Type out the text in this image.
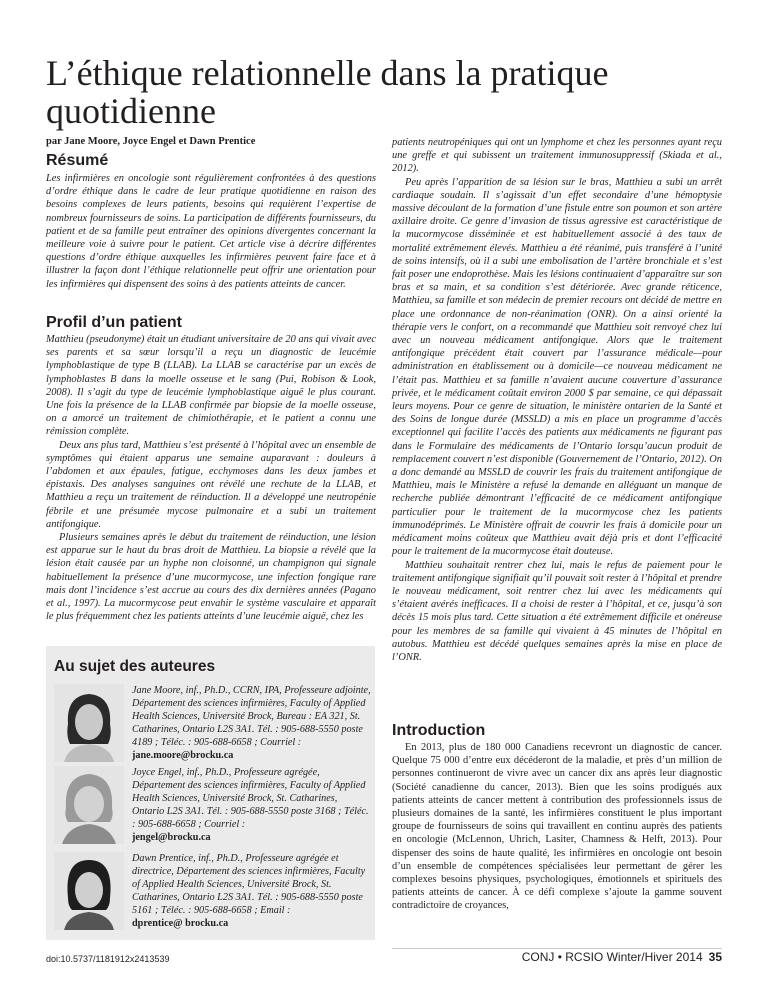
L’éthique relationnelle dans la pratique quotidienne
par Jane Moore, Joyce Engel et Dawn Prentice
Résumé

Les infirmières en oncologie sont régulièrement confrontées à des questions d’ordre éthique dans le cadre de leur pratique quotidienne en raison des besoins complexes de leurs patients, besoins qui requièrent l’expertise de nombreux fournisseurs de soins. La participation de différents fournisseurs, du patient et de sa famille peut entraîner des opinions divergentes concernant la meilleure voie à suivre pour le patient. Cet article vise à décrire différentes questions d’ordre éthique auxquelles les infirmières peuvent faire face et à illustrer la façon dont l’éthique relationnelle peut offrir une orientation pour les infirmières qui dispensent des soins à des patients atteints de cancer.

Profil d’un patient

Matthieu (pseudonyme) était un étudiant universitaire de 20 ans qui vivait avec ses parents et sa sœur lorsqu’il a reçu un diagnostic de leucémie lymphoblastique de type B (LLAB). La LLAB se caractérise par un excès de lymphoblastes B dans la moelle osseuse et le sang (Pui, Robison & Look, 2008). Il s’agit du type de leucémie lymphoblastique aiguë le plus courant. Une fois la présence de la LLAB confirmée par biopsie de la moelle osseuse, on a amorcé un traitement de chimiothérapie, et le patient a connu une rémission complète.

Deux ans plus tard, Matthieu s’est présenté à l’hôpital avec un ensemble de symptômes qui étaient apparus une semaine auparavant : douleurs à l’abdomen et aux épaules, fatigue, ecchymoses dans les deux jambes et épistaxis. Des analyses sanguines ont révélé une rechute de la LLAB, et Matthieu a reçu un traitement de réinduction. Il a développé une neutropénie fébrile et une présumée mycose pulmonaire et a subi un traitement antifongique.

Plusieurs semaines après le début du traitement de réinduction, une lésion est apparue sur le haut du bras droit de Matthieu. La biopsie a révélé que la lésion était causée par un hyphe non cloisonné, un champignon qui signale habituellement la présence d’une mucormycose, une infection fongique rare mais dont l’incidence s’est accrue au cours des dix dernières années (Pagano et al., 1997). La mucormycose peut envahir le système vasculaire et apparaît le plus fréquemment chez les patients atteints d’une leucémie aiguë, chez les

Au sujet des auteures
Jane Moore, inf., Ph.D., CCRN, IPA, Professeure adjointe, Département des sciences infirmières, Faculty of Applied Health Sciences, Université Brock, Bureau : EA 321, St. Catharines, Ontario L2S 3A1. Tél. : 905-688-5550 poste 4189 ; Téléc. : 905-688-6658 ; Courriel :
jane.moore@brocku.ca
Joyce Engel, inf., Ph.D., Professeure agrégée, Département des sciences infirmières, Faculty of Applied Health Sciences, Université Brock, St. Catharines, Ontario L2S 3A1. Tél. : 905-688-5550 poste 3168 ; Téléc. : 905-688-6658 ; Courriel :
jengel@brocku.ca
Dawn Prentice, inf., Ph.D., Professeure agrégée et directrice, Département des sciences infirmières, Faculty of Applied Health Sciences, Université Brock, St. Catharines, Ontario L2S 3A1. Tél. : 905-688-5550 poste 5161 ; Téléc. : 905-688-6658 ; Email :
dprentice@ brocku.ca

patients neutropéniques qui ont un lymphome et chez les personnes ayant reçu une greffe et qui subissent un traitement immunosuppressif (Skiada et al., 2012).

Peu après l’apparition de sa lésion sur le bras, Matthieu a subi un arrêt cardiaque soudain. Il s’agissait d’un effet secondaire d’une hémoptysie massive découlant de la formation d’une fistule entre son poumon et son artère axillaire droite. Ce genre d’invasion de tissus agressive est caractéristique de la mucormycose disséminée et est habituellement associé à des taux de mortalité extrêmement élevés. Matthieu a été réanimé, puis transféré à l’unité de soins intensifs, où il a subi une embolisation de l’artère bronchiale et s’est fait poser une endoprothèse. Mais les lésions continuaient d’apparaître sur son bras et sa main, et sa condition s’est détériorée. Avec grande réticence, Matthieu, sa famille et son médecin de premier recours ont décidé de mettre en place une ordonnance de non-réanimation (ONR). On a ainsi orienté la thérapie vers le confort, on a recommandé que Matthieu soit renvoyé chez lui avec un nouveau médicament antifongique. Alors que le traitement antifongique précédent était couvert par l’assurance médicale—pour administration en établissement ou à domicile—ce nouveau médicament ne l’était pas. Matthieu et sa famille n’avaient aucune couverture d’assurance privée, et le médicament coûtait environ 2000 $ par semaine, ce qui dépassait leurs moyens. Pour ce genre de situation, le ministère ontarien de la Santé et des Soins de longue durée (MSSLD) a mis en place un programme d’accès exceptionnel qui facilite l’accès des patients aux médicaments ne figurant pas dans le Formulaire des médicaments de l’Ontario lorsqu’aucun produit de remplacement couvert n’est disponible (Gouvernement de l’Ontario, 2012). On a donc demandé au MSSLD de couvrir les frais du traitement antifongique de Matthieu, mais le Ministère a refusé la demande en alléguant un manque de recherche publiée démontrant l’efficacité de ce médicament antifongique particulier pour le traitement de la mucormycose chez les patients immunodéprimés. Le Ministère offrait de couvrir les frais à domicile pour un médicament moins coûteux que Matthieu avait déjà pris et dont l’efficacité pour le traitement de la mucormycose était douteuse.

Matthieu souhaitait rentrer chez lui, mais le refus de paiement pour le traitement antifongique signifiait qu’il pouvait soit rester à l’hôpital et prendre le nouveau médicament, soit rentrer chez lui avec les médicaments qui s’étaient avérés inefficaces. Il a choisi de rester à l’hôpital, et ce, jusqu’à son décès 15 mois plus tard. Cette situation a été extrêmement difficile et onéreuse pour les membres de sa famille qui vivaient à 45 minutes de l’hôpital en autobus. Matthieu est décédé quelques semaines après la mise en place de l’ONR.

Introduction

En 2013, plus de 180 000 Canadiens recevront un diagnostic de cancer. Quelque 75 000 d’entre eux décéderont de la maladie, et près d’un million de personnes continueront de vivre avec un cancer dix ans après leur diagnostic (Société canadienne du cancer, 2013). Bien que les soins prodigués aux patients atteints de cancer mettent à contribution des professionnels issus de plusieurs domaines de la santé, les infirmières constituent le plus important groupe de fournisseurs de soins qui travaillent en continu auprès des patients en oncologie (McLennon, Uhrich, Lasiter, Chamness & Helft, 2013). Pour dispenser des soins de haute qualité, les infirmières en oncologie ont besoin d’un ensemble de compétences spécialisées leur permettant de gérer les complexes besoins physiques, psychologiques, émotionnels et spirituels des patients atteints de cancer. À ce défi complexe s’ajoute la gamme souvent contradictoire de croyances,

doi:10.5737/1181912x2413539	CONJ • RCSIO Winter/Hiver 2014 35
